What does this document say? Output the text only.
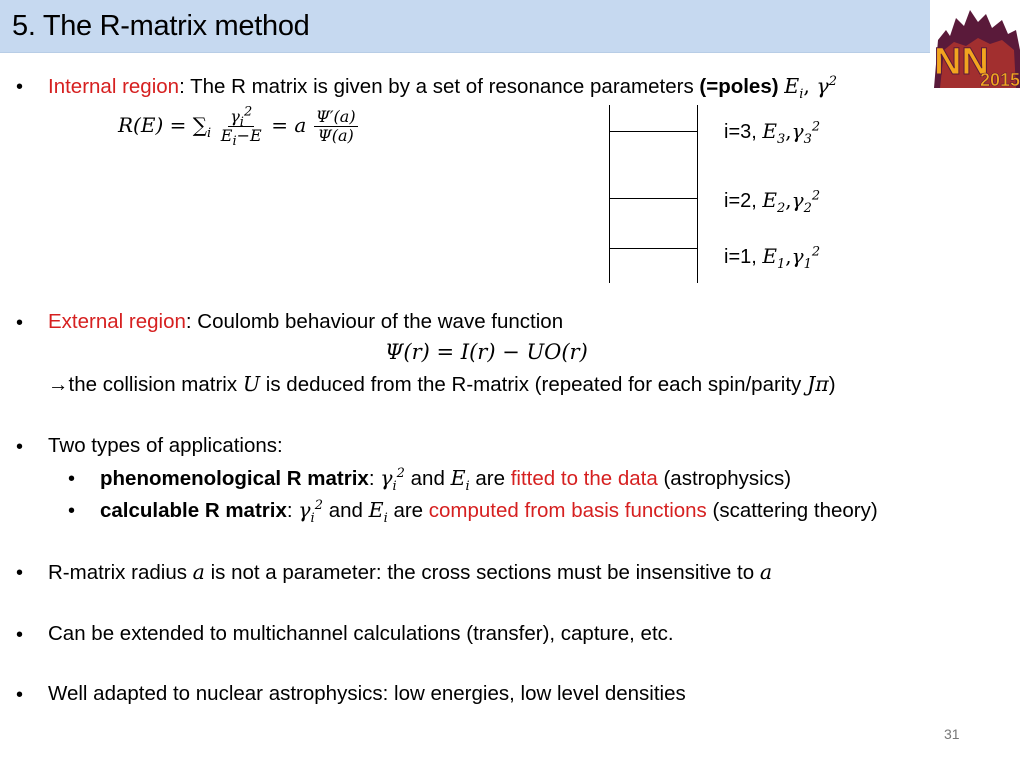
5. The R-matrix method
NN
2015
• Internal region: The R matrix is given by a set of resonance parameters (=poles) $E_i$, $\gamma^2$
$R(E) = \sum_i \frac{\gamma_i^2}{E_i-E} = a \frac{\Psi'(a)}{\Psi(a)}$	i=3, $E_3,\gamma_3^2$
i=2, $E_2,\gamma_2^2$
i=1, $E_1,\gamma_1^2$
• External region: Coulomb behaviour of the wave function
Ψ(r) = I(r) − UO(r)
→the collision matrix U is deduced from the R-matrix (repeated for each spin/parity Jπ)
• Two types of applications:
• phenomenological R matrix: $\gamma_i^2$ and $E_i$ are fitted to the data (astrophysics)
• calculable R matrix: $\gamma_i^2$ and $E_i$ are computed from basis functions (scattering theory)
• R-matrix radius a is not a parameter: the cross sections must be insensitive to a
• Can be extended to multichannel calculations (transfer), capture, etc.
• Well adapted to nuclear astrophysics: low energies, low level densities
31
